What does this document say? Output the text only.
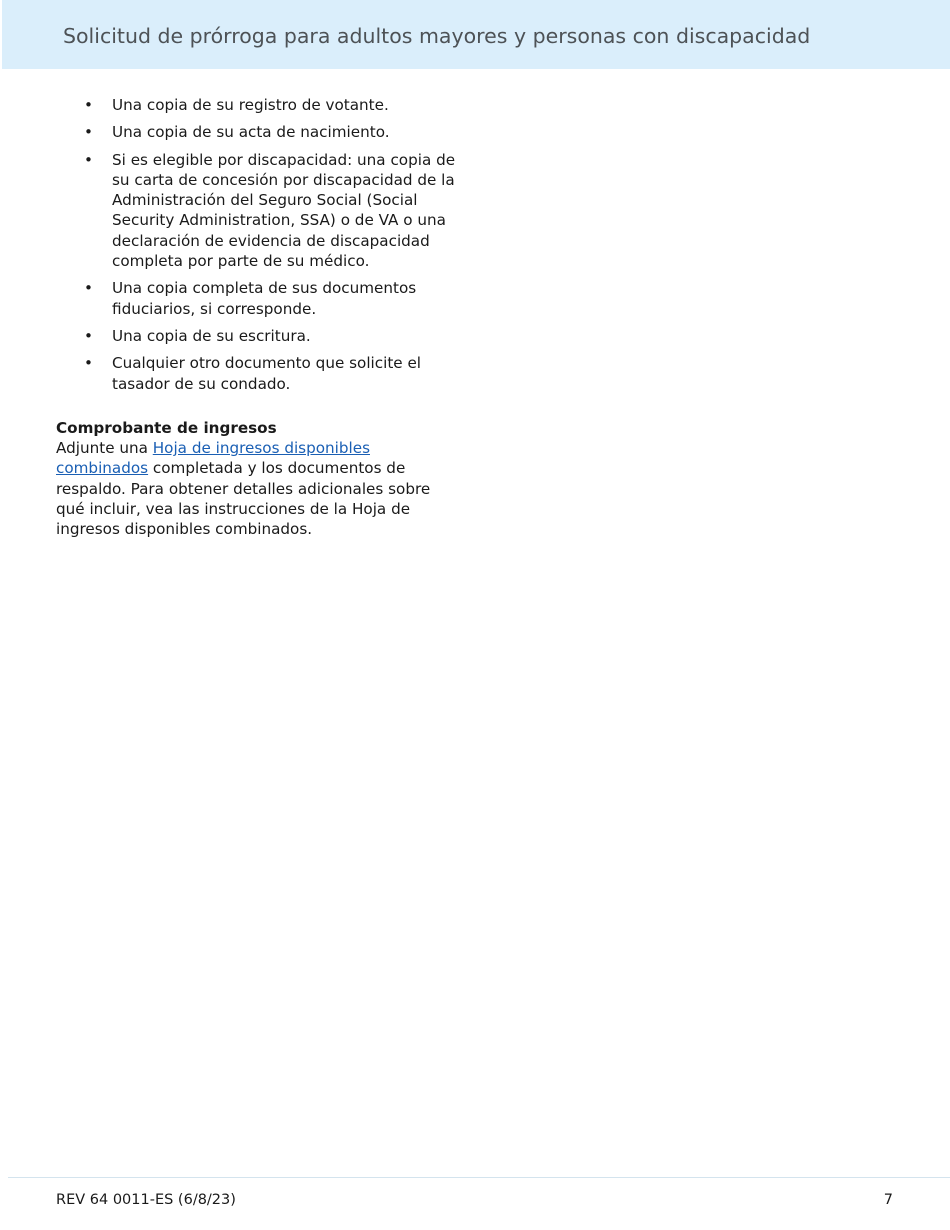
Solicitud de prórroga para adultos mayores y personas con discapacidad
• Una copia de su registro de votante.
• Una copia de su acta de nacimiento.
• Si es elegible por discapacidad: una copia de su carta de concesión por discapacidad de la Administración del Seguro Social (Social Security Administration, SSA) o de VA o una declaración de evidencia de discapacidad completa por parte de su médico.
• Una copia completa de sus documentos fiduciarios, si corresponde.
• Una copia de su escritura.
• Cualquier otro documento que solicite el tasador de su condado.
Comprobante de ingresos
Adjunte una Hoja de ingresos disponibles combinados completada y los documentos de respaldo. Para obtener detalles adicionales sobre qué incluir, vea las instrucciones de la Hoja de ingresos disponibles combinados.
REV 64 0011-ES (6/8/23)	7
